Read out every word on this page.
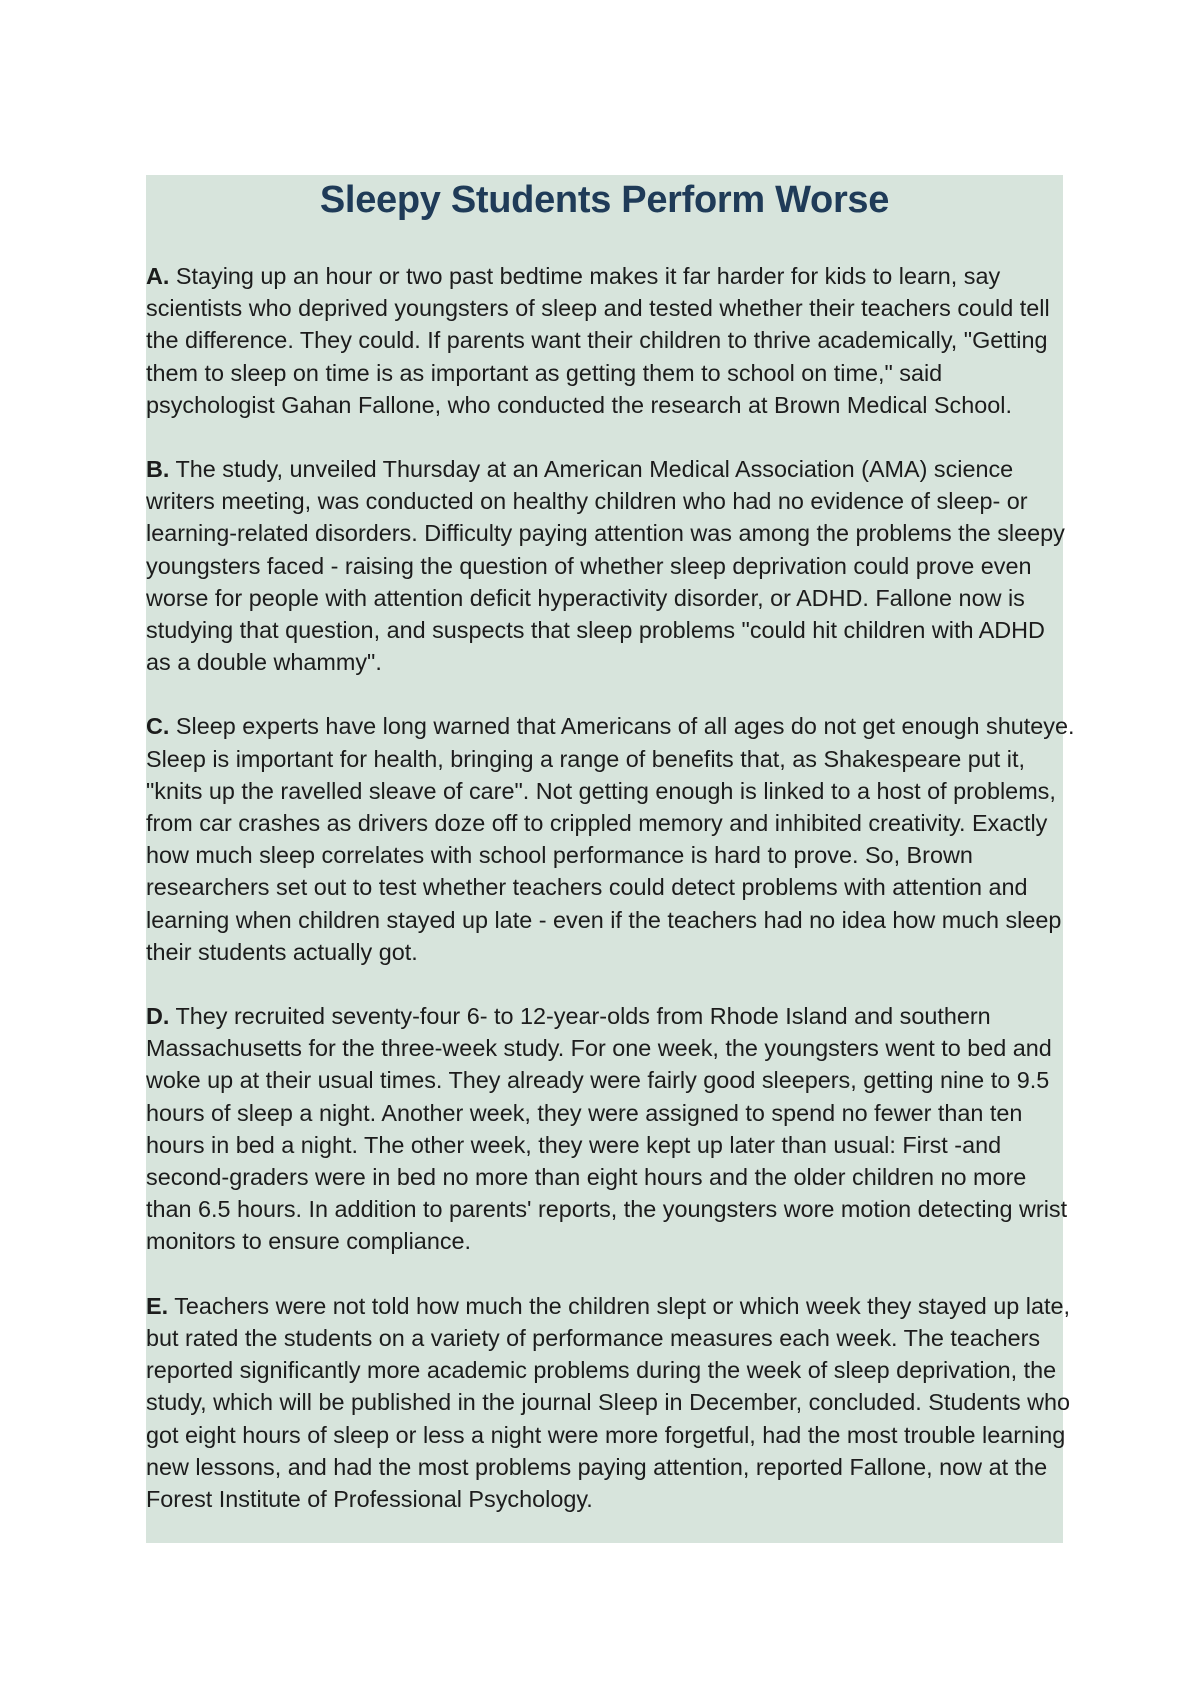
Sleepy Students Perform Worse

A. Staying up an hour or two past bedtime makes it far harder for kids to learn, say scientists who deprived youngsters of sleep and tested whether their teachers could tell the difference. They could. If parents want their children to thrive academically, "Getting them to sleep on time is as important as getting them to school on time," said psychologist Gahan Fallone, who conducted the research at Brown Medical School.

B. The study, unveiled Thursday at an American Medical Association (AMA) science writers meeting, was conducted on healthy children who had no evidence of sleep- or learning-related disorders. Difficulty paying attention was among the problems the sleepy youngsters faced - raising the question of whether sleep deprivation could prove even worse for people with attention deficit hyperactivity disorder, or ADHD. Fallone now is studying that question, and suspects that sleep problems "could hit children with ADHD as a double whammy".

C. Sleep experts have long warned that Americans of all ages do not get enough shuteye. Sleep is important for health, bringing a range of benefits that, as Shakespeare put it, "knits up the ravelled sleave of care". Not getting enough is linked to a host of problems, from car crashes as drivers doze off to crippled memory and inhibited creativity. Exactly how much sleep correlates with school performance is hard to prove. So, Brown researchers set out to test whether teachers could detect problems with attention and learning when children stayed up late - even if the teachers had no idea how much sleep their students actually got.

D. They recruited seventy-four 6- to 12-year-olds from Rhode Island and southern Massachusetts for the three-week study. For one week, the youngsters went to bed and woke up at their usual times. They already were fairly good sleepers, getting nine to 9.5 hours of sleep a night. Another week, they were assigned to spend no fewer than ten hours in bed a night. The other week, they were kept up later than usual: First -and second-graders were in bed no more than eight hours and the older children no more than 6.5 hours. In addition to parents' reports, the youngsters wore motion detecting wrist monitors to ensure compliance.

E. Teachers were not told how much the children slept or which week they stayed up late, but rated the students on a variety of performance measures each week. The teachers reported significantly more academic problems during the week of sleep deprivation, the study, which will be published in the journal Sleep in December, concluded. Students who got eight hours of sleep or less a night were more forgetful, had the most trouble learning new lessons, and had the most problems paying attention, reported Fallone, now at the Forest Institute of Professional Psychology.
